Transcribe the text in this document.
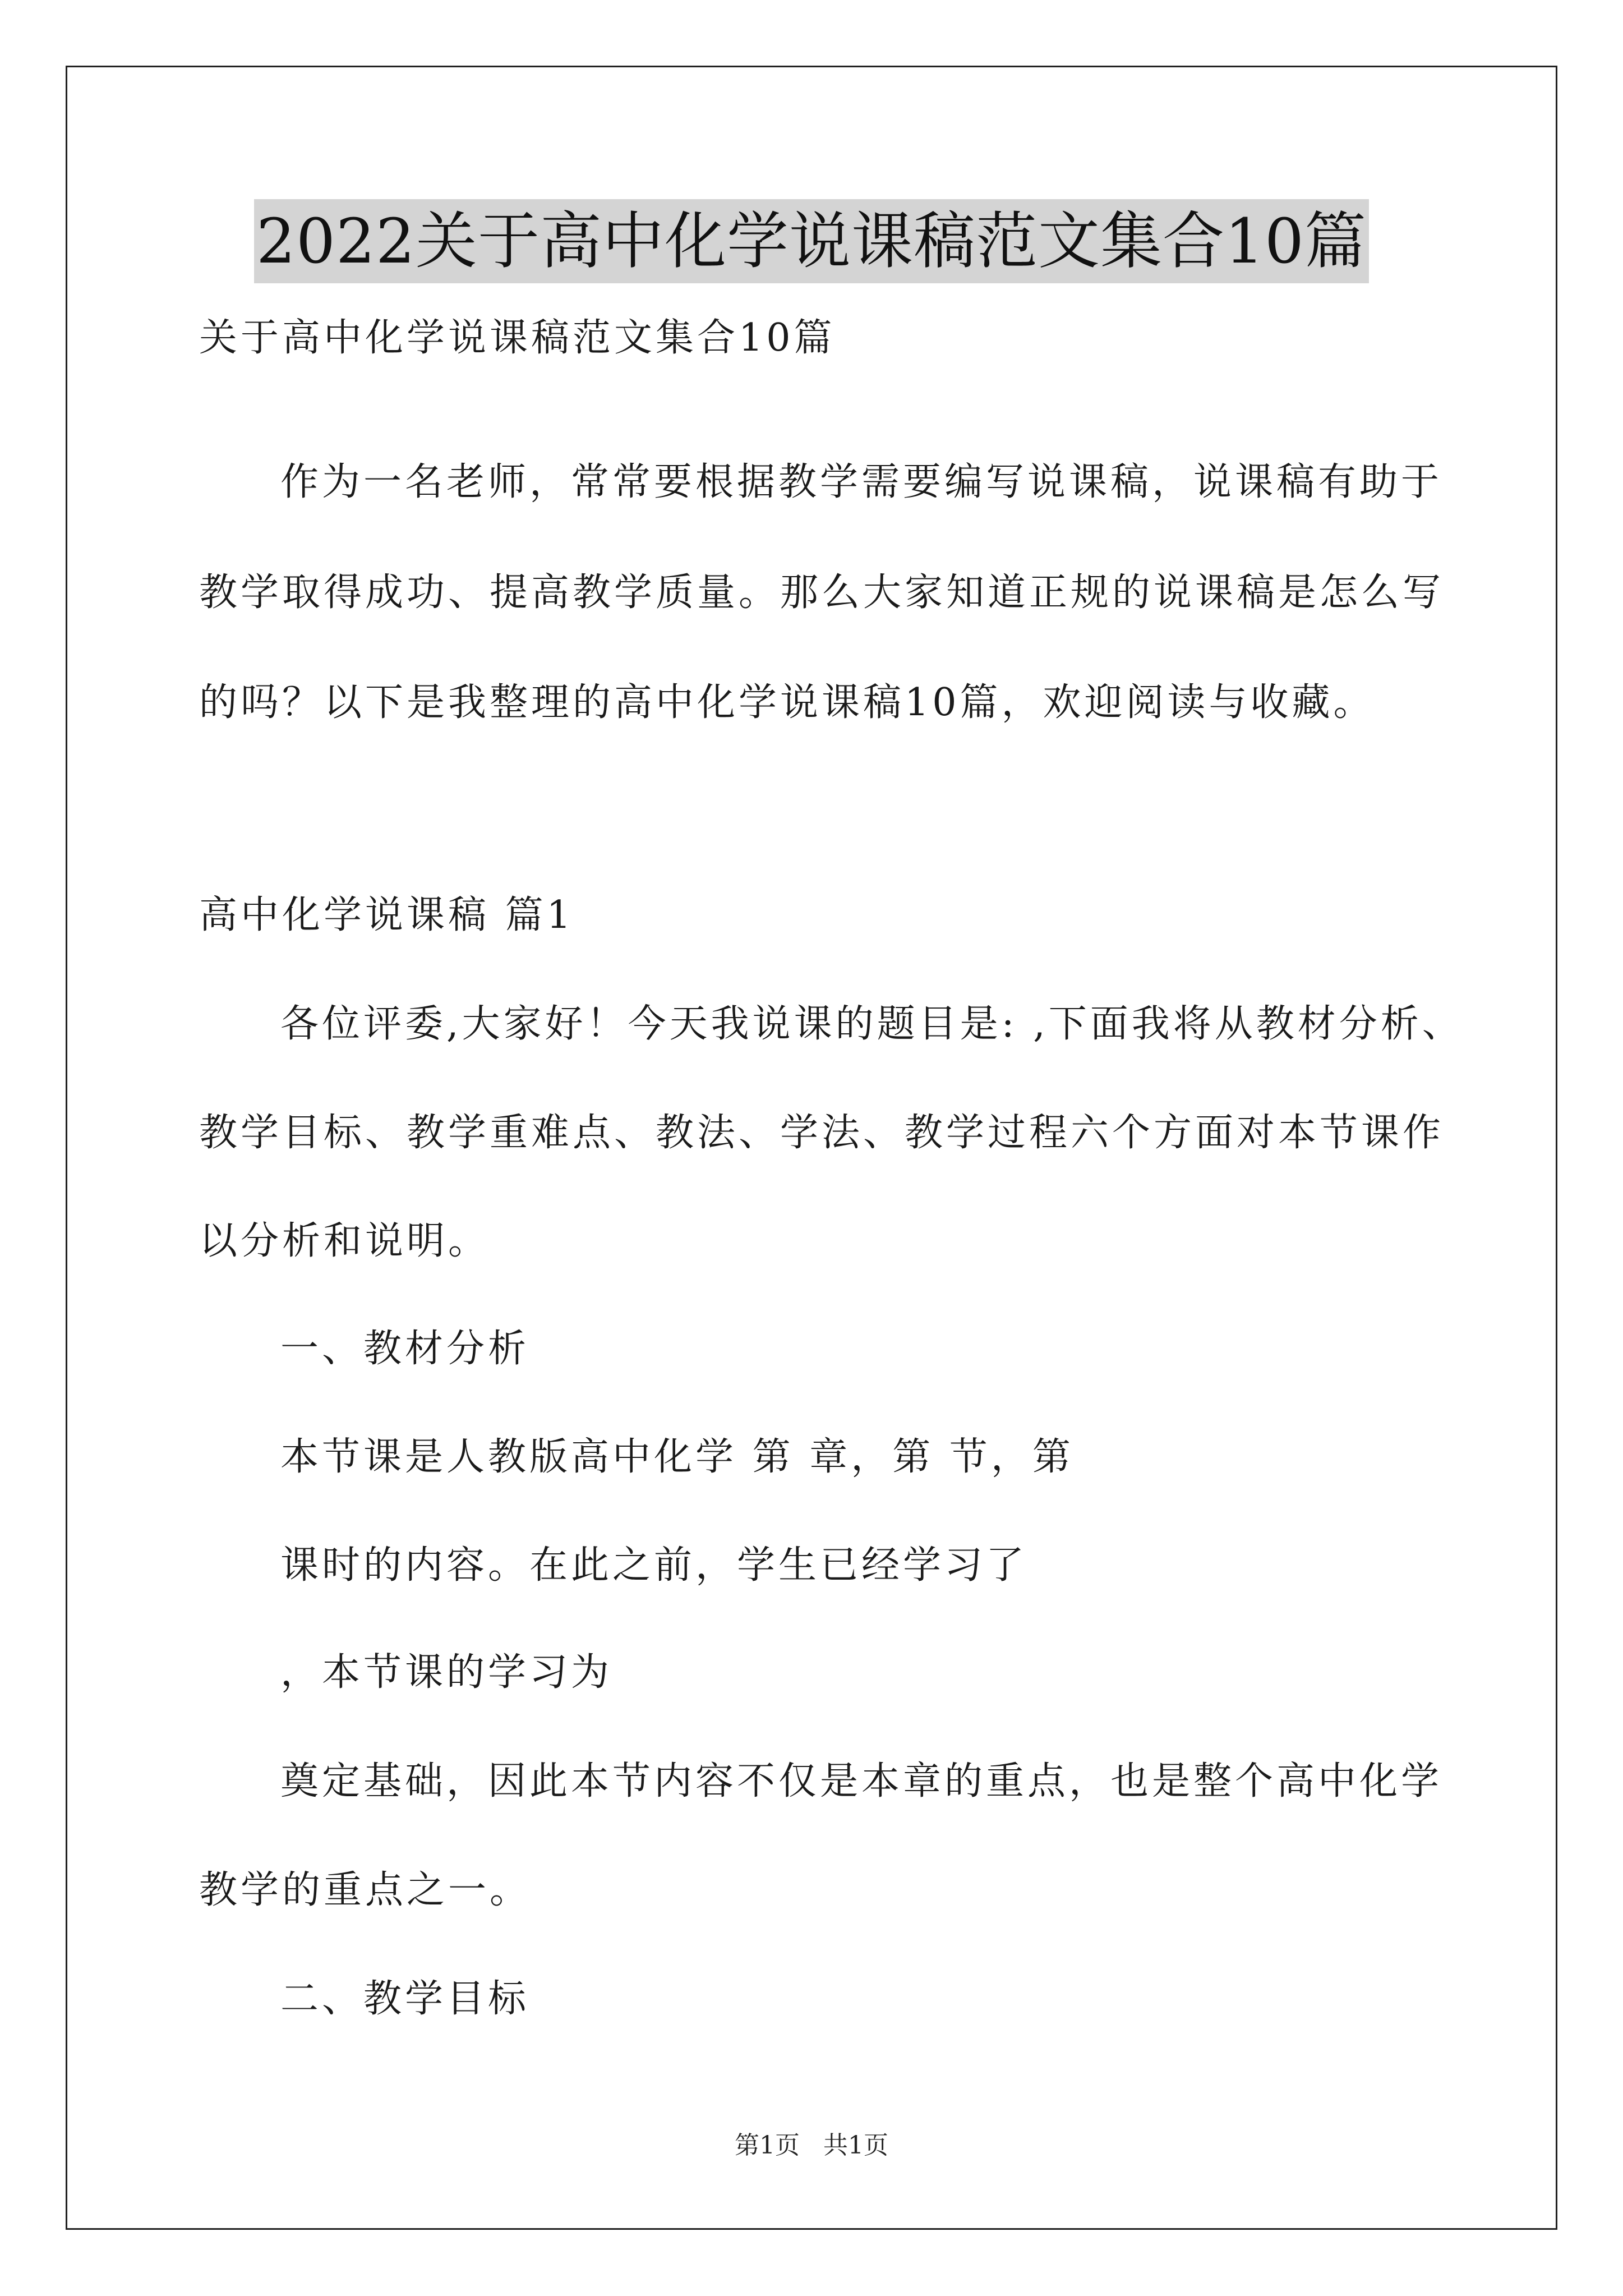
2022关于高中化学说课稿范文集合10篇
关于高中化学说课稿范文集合10篇
作为一名老师，常常要根据教学需要编写说课稿，说课稿有助于
教学取得成功、提高教学质量。那么大家知道正规的说课稿是怎么写
的吗？以下是我整理的高中化学说课稿10篇，欢迎阅读与收藏。
高中化学说课稿 篇1
各位评委,大家好！今天我说课的题目是: ,下面我将从教材分析、
教学目标、教学重难点、教法、学法、教学过程六个方面对本节课作
以分析和说明。
一、教材分析
本节课是人教版高中化学 第 章，第 节，第
课时的内容。在此之前，学生已经学习了
，本节课的学习为
奠定基础，因此本节内容不仅是本章的重点，也是整个高中化学
教学的重点之一。
二、教学目标
第1页 共1页
